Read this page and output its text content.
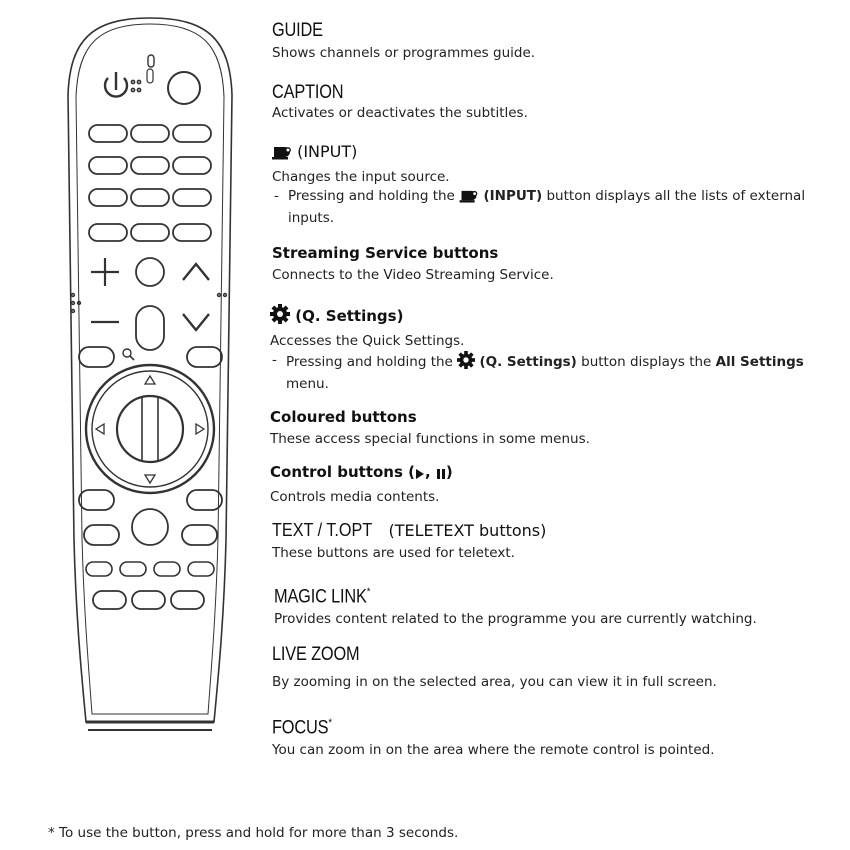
GUIDE
Shows channels or programmes guide.
CAPTION
Activates or deactivates the subtitles.
(INPUT)
Changes the input source.
- Pressing and holding the (INPUT) button displays all the lists of external inputs.
Streaming Service buttons
Connects to the Video Streaming Service.
(Q. Settings)
Accesses the Quick Settings.
- Pressing and holding the (Q. Settings) button displays the All Settings menu.
Coloured buttons
These access special functions in some menus.
Control buttons ( , )
Controls media contents.
TEXT / T.OPT (TELETEXT buttons)
These buttons are used for teletext.
MAGIC LINK*
Provides content related to the programme you are currently watching.
LIVE ZOOM
By zooming in on the selected area, you can view it in full screen.
FOCUS*
You can zoom in on the area where the remote control is pointed.
* To use the button, press and hold for more than 3 seconds.
